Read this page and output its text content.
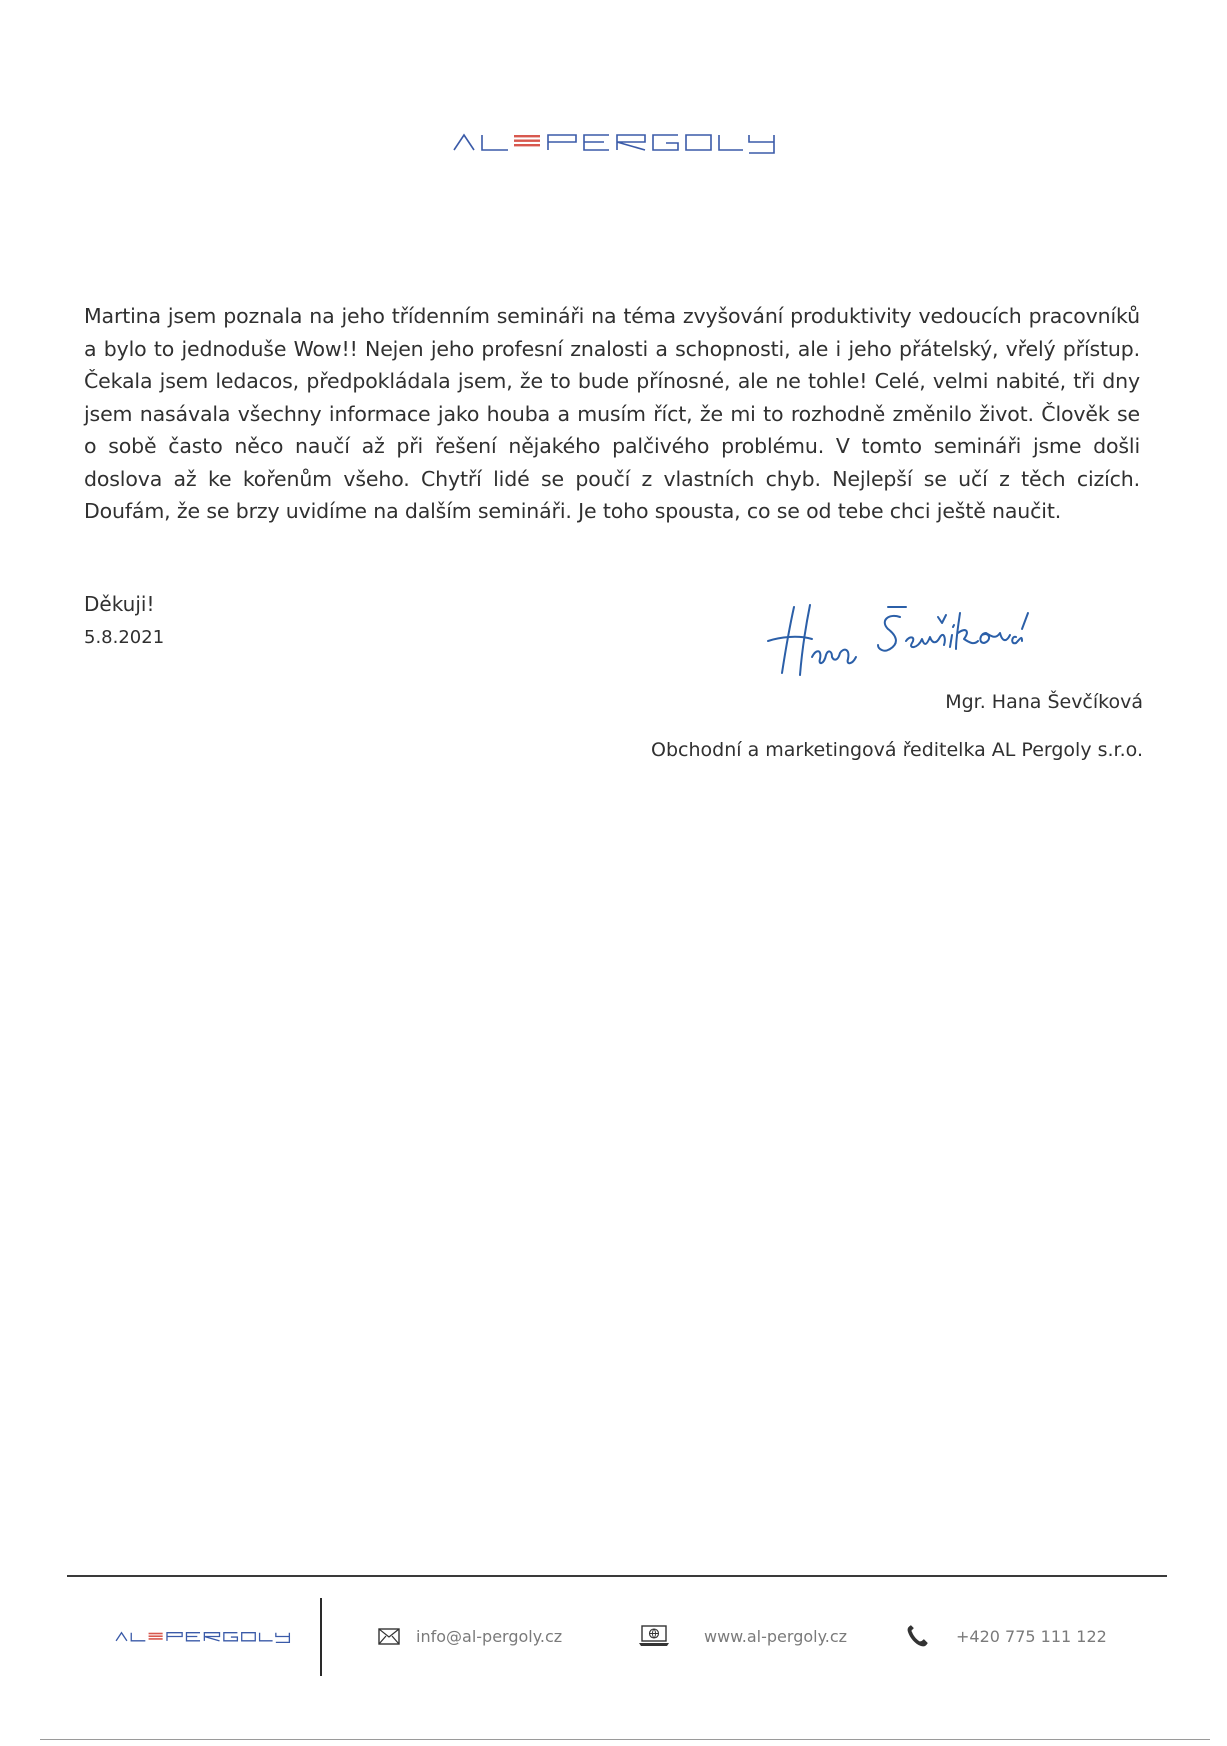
Martina jsem poznala na jeho třídenním semináři na téma zvyšování produktivity vedoucích pracovníků a bylo to jednoduše Wow!! Nejen jeho profesní znalosti a schopnosti, ale i jeho přátelský, vřelý přístup. Čekala jsem ledacos, předpokládala jsem, že to bude přínosné, ale ne tohle! Celé, velmi nabité, tři dny jsem nasávala všechny informace jako houba a musím říct, že mi to rozhodně změnilo život. Člověk se o sobě často něco naučí až při řešení nějakého palčivého problému. V tomto semináři jsme došli doslova až ke kořenům všeho. Chytří lidé se poučí z vlastních chyb. Nejlepší se učí z těch cizích. Doufám, že se brzy uvidíme na dalším semináři. Je toho spousta, co se od tebe chci ještě naučit.

Děkuji!
5.8.2021
Mgr. Hana Ševčíková
Obchodní a marketingová ředitelka AL Pergoly s.r.o.
info@al-pergoly.cz	www.al-pergoly.cz	+420 775 111 122
